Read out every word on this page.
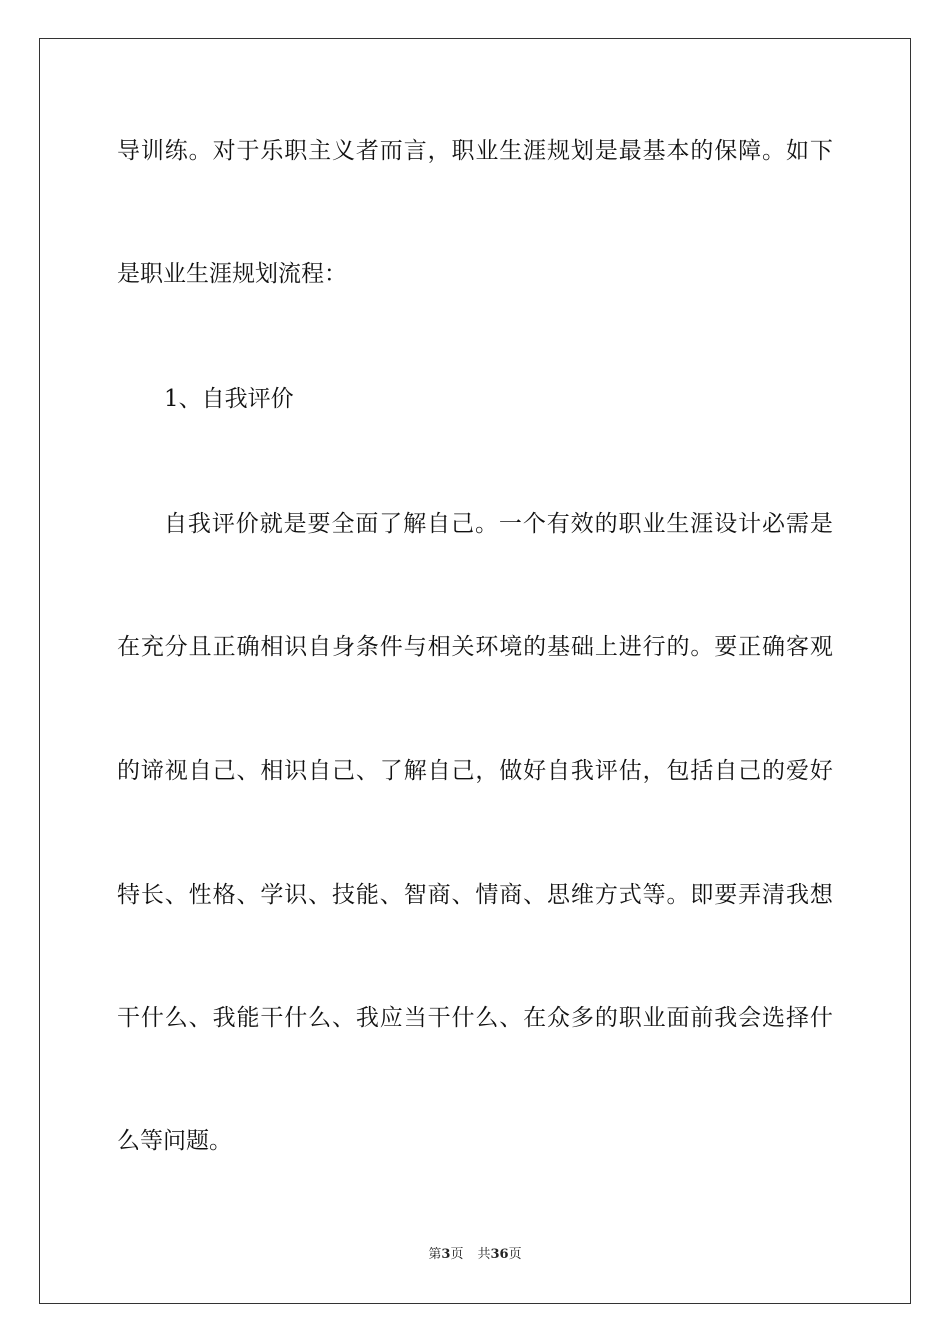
导 训 练 。 对 于 乐 职 主 义 者 而 言 ， 职 业 生 涯 规 划 是 最 基 本 的 保 障 。 如 下
是职业生涯规划流程：
1、自我评价
自 我 评 价 就 是 要 全 面 了 解 自 己 。 一 个 有 效 的 职 业 生 涯 设 计 必 需 是
在 充 分 且 正 确 相 识 自 身 条 件 与 相 关 环 境 的 基 础 上 进 行 的 。 要 正 确 客 观
的 谛 视 自 己 、 相 识 自 己 、 了 解 自 己 ， 做 好 自 我 评 估 ， 包 括 自 己 的 爱 好
特 长 、 性 格 、 学 识 、 技 能 、 智 商 、 情 商 、 思 维 方 式 等 。 即 要 弄 清 我 想
干 什 么 、 我 能 干 什 么 、 我 应 当 干 什 么 、 在 众 多 的 职 业 面 前 我 会 选 择 什
么等问题。
第3页 共36页
